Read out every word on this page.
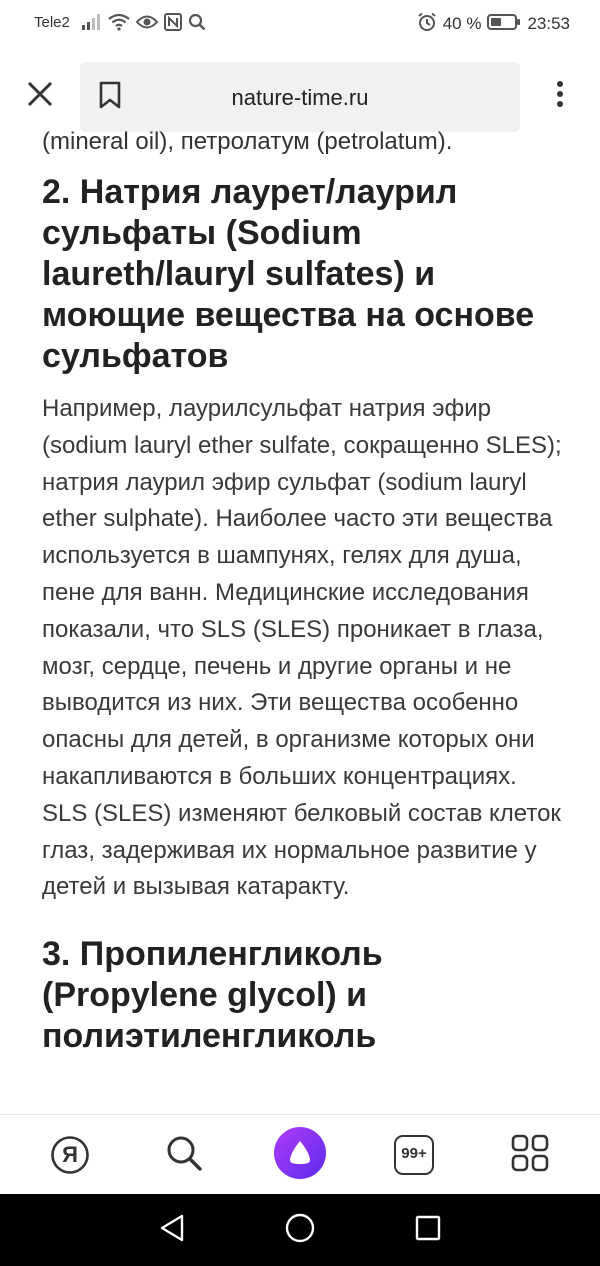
Tele2	40 %	23:53
nature-time.ru
(mineral oil), петролатум (petrolatum).
2. Натрия лаурет/лаурил сульфаты (Sodium laureth/lauryl sulfates) и моющие вещества на основе сульфатов

Например, лаурилсульфат натрия эфир (sodium lauryl ether sulfate, сокращенно SLES); натрия лаурил эфир сульфат (sodium lauryl ether sulphate). Наиболее часто эти вещества используется в шампунях, гелях для душа, пене для ванн. Медицинские исследования показали, что SLS (SLES) проникает в глаза, мозг, сердце, печень и другие органы и не выводится из них. Эти вещества особенно опасны для детей, в организме которых они накапливаются в больших концентрациях. SLS (SLES) изменяют белковый состав клеток глаз, задерживая их нормальное развитие у детей и вызывая катаракту.

3. Пропиленгликоль (Propylene glycol) и полиэтиленгликоль
Я	99+
